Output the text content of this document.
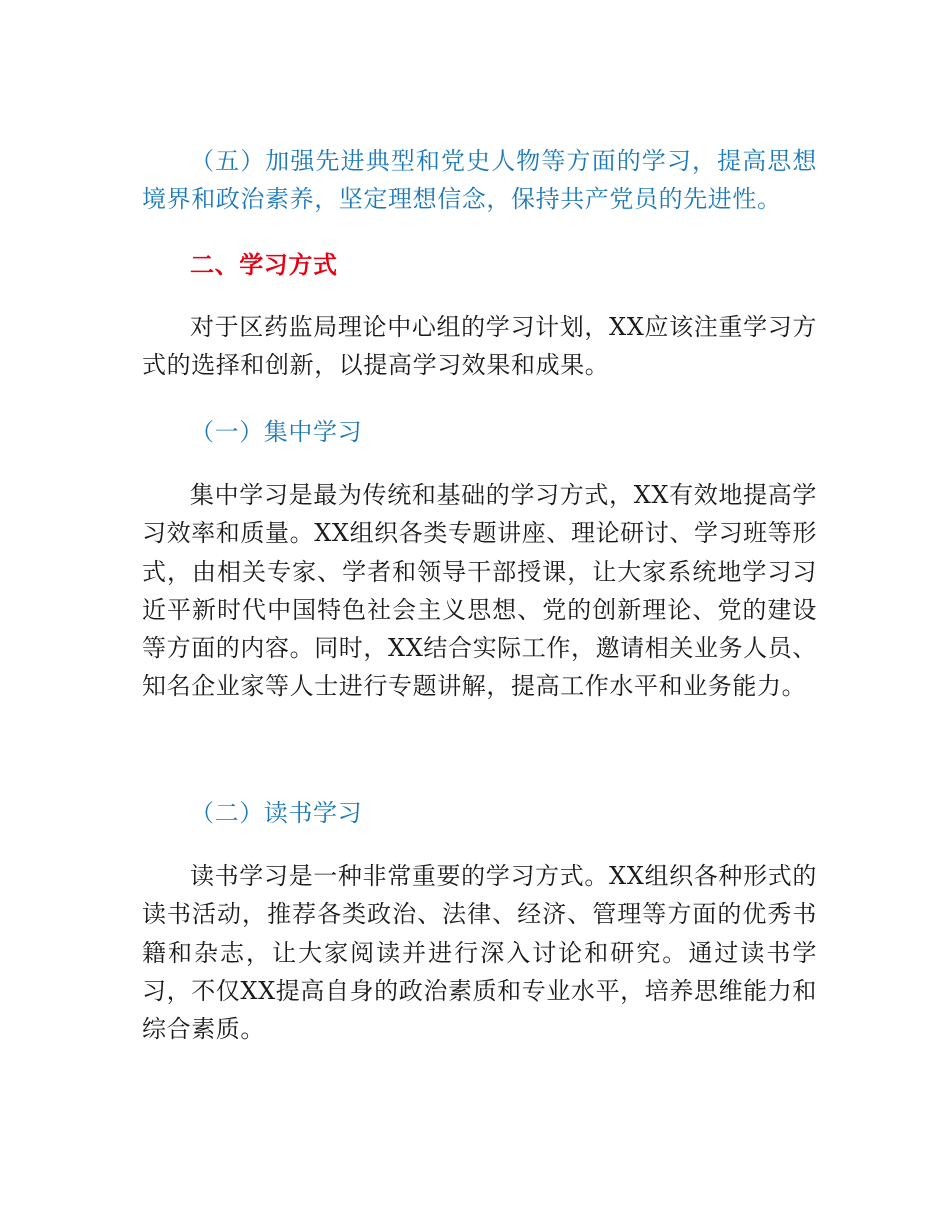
（五）加强先进典型和党史人物等方面的学习，提高思想境界和政治素养，坚定理想信念，保持共产党员的先进性。

二、学习方式

对于区药监局理论中心组的学习计划，XX应该注重学习方式的选择和创新，以提高学习效果和成果。

（一）集中学习

集中学习是最为传统和基础的学习方式，XX有效地提高学习效率和质量。XX组织各类专题讲座、理论研讨、学习班等形式，由相关专家、学者和领导干部授课，让大家系统地学习习近平新时代中国特色社会主义思想、党的创新理论、党的建设等方面的内容。同时，XX结合实际工作，邀请相关业务人员、知名企业家等人士进行专题讲解，提高工作水平和业务能力。

（二）读书学习

读书学习是一种非常重要的学习方式。XX组织各种形式的读书活动，推荐各类政治、法律、经济、管理等方面的优秀书籍和杂志，让大家阅读并进行深入讨论和研究。通过读书学习，不仅XX提高自身的政治素质和专业水平，培养思维能力和综合素质。
